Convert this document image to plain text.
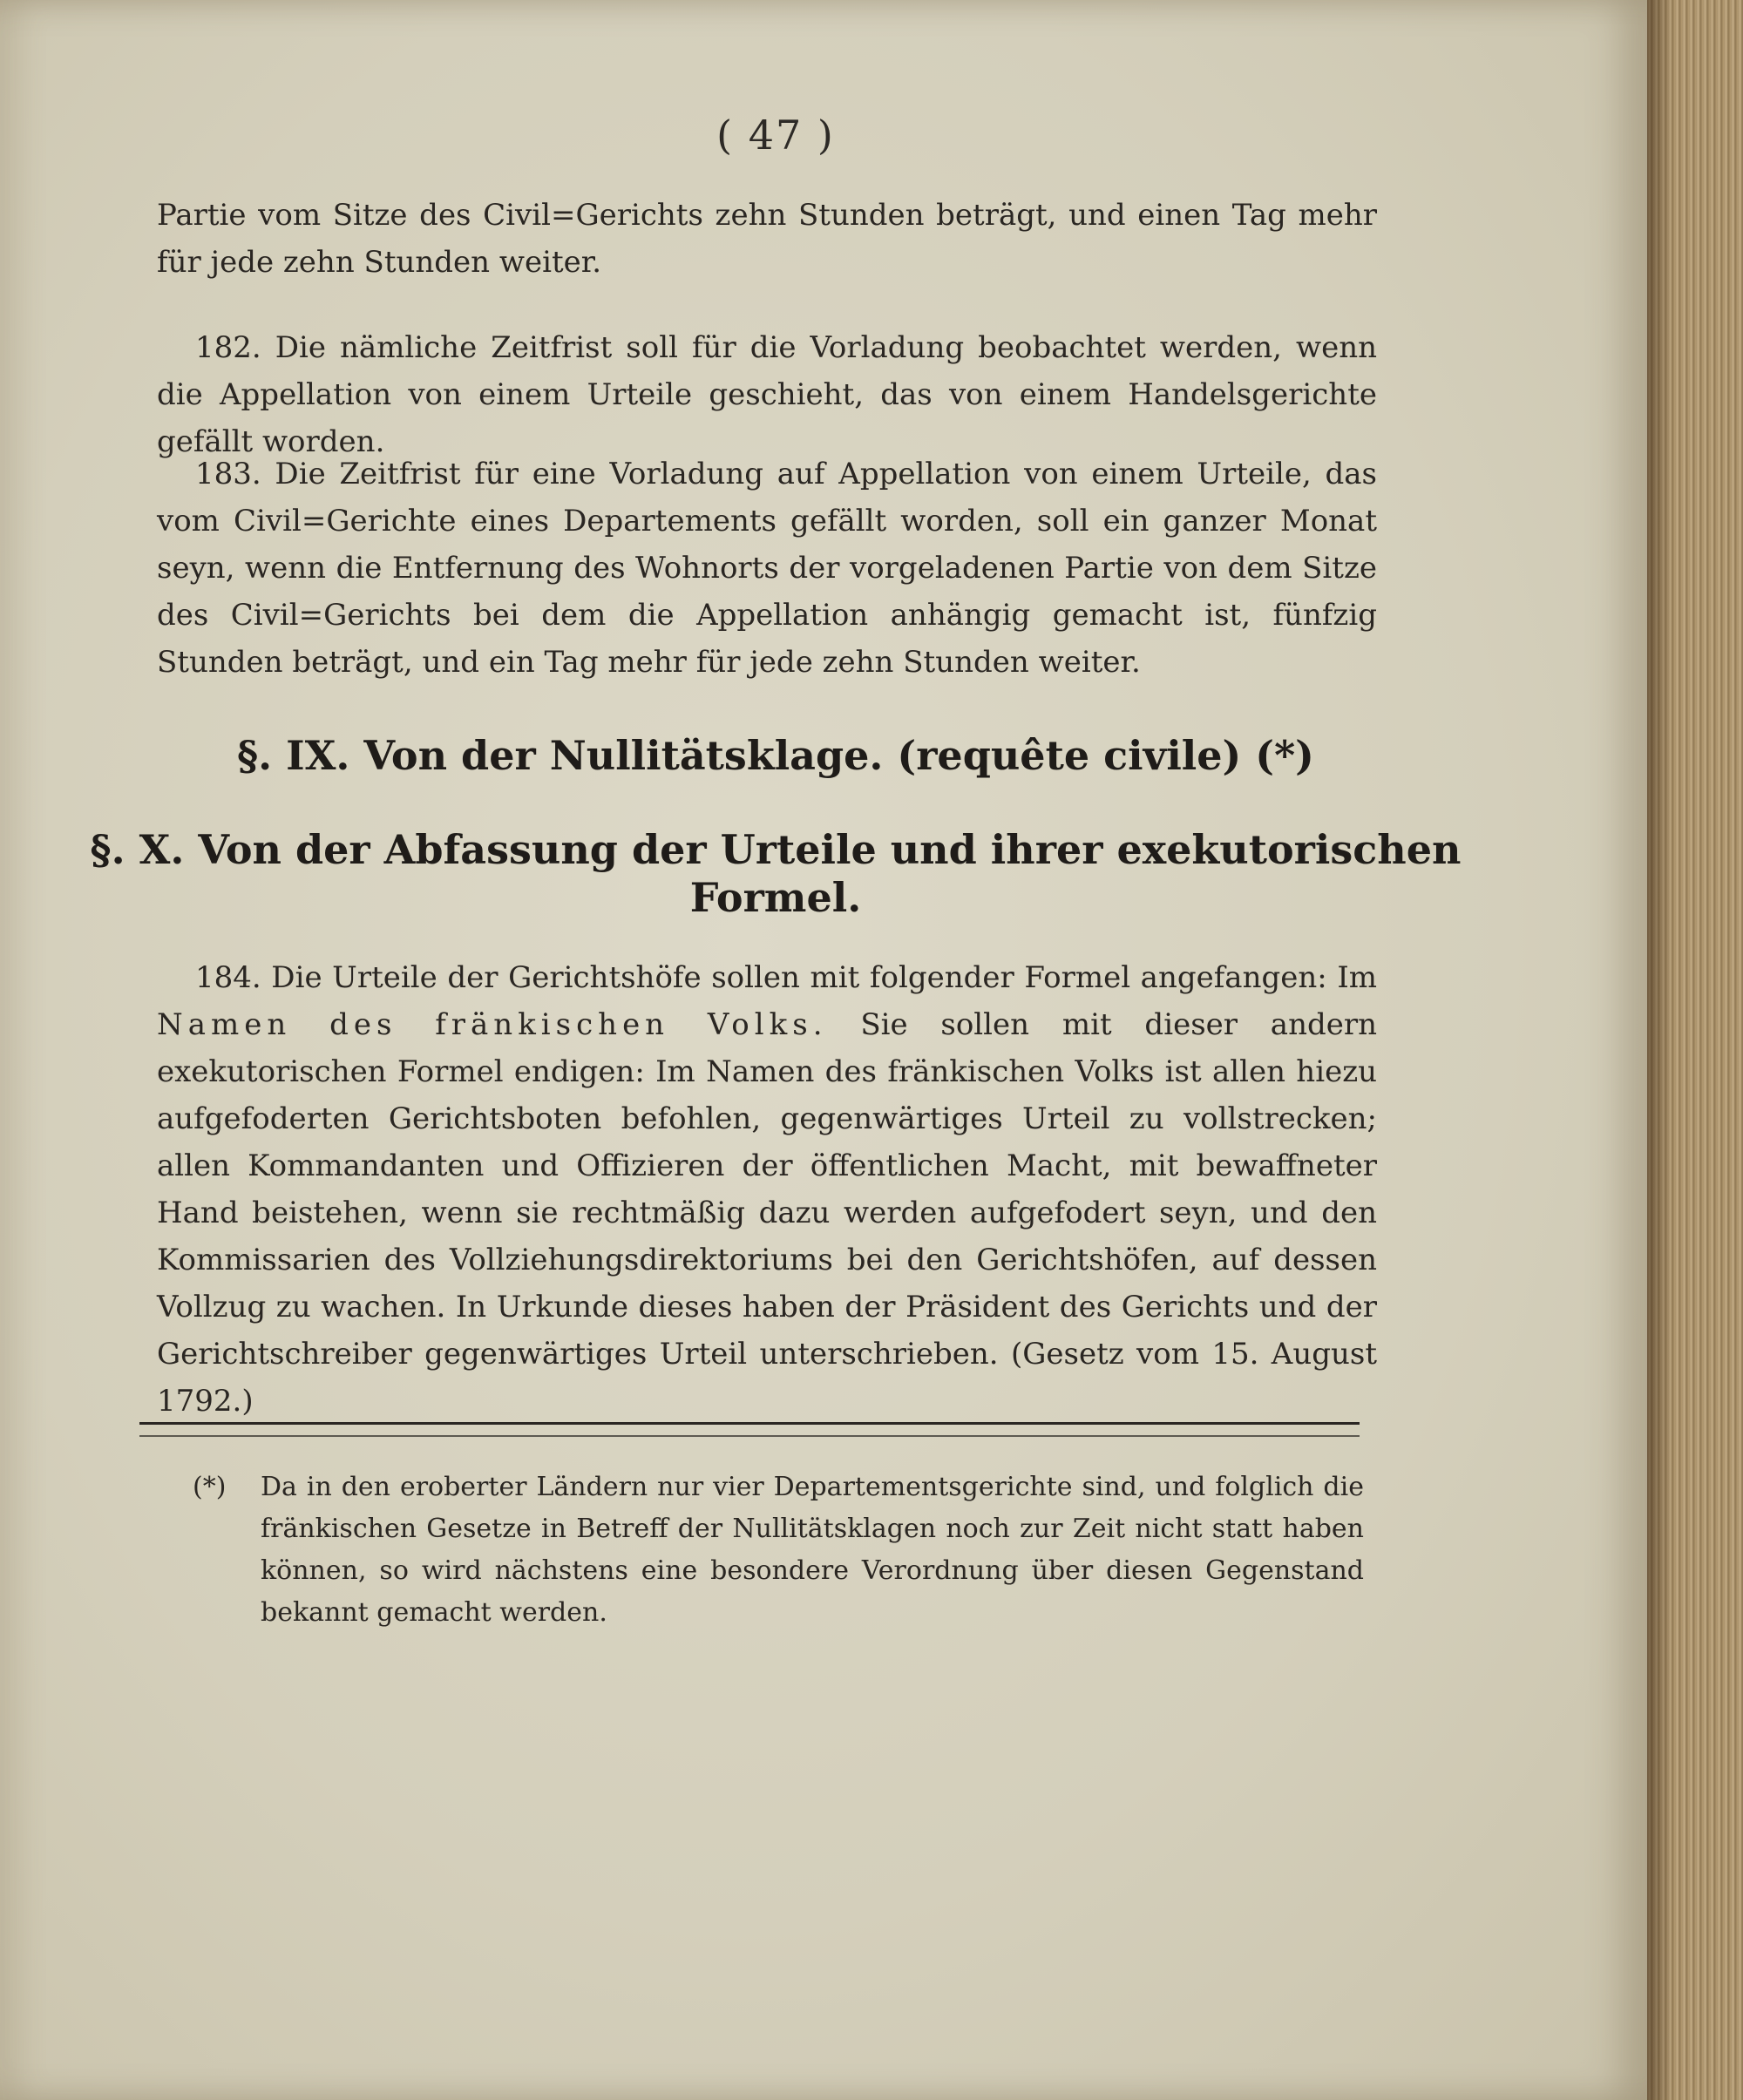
( 47 )
Partie vom Sitze des Civil=Gerichts zehn Stunden beträgt, und einen Tag mehr für jede zehn Stunden weiter.
182. Die nämliche Zeitfrist soll für die Vorladung beobachtet werden, wenn die Appellation von einem Urteile geschieht, das von einem Handelsgerichte gefällt worden.
183. Die Zeitfrist für eine Vorladung auf Appellation von einem Urteile, das vom Civil=Gerichte eines Departements gefällt worden, soll ein ganzer Monat seyn, wenn die Entfernung des Wohnorts der vorgeladenen Partie von dem Sitze des Civil=Gerichts bei dem die Appellation anhängig gemacht ist, fünfzig Stunden beträgt, und ein Tag mehr für jede zehn Stunden weiter.
§. IX. Von der Nullitätsklage. (requête civile) (*)
§. X. Von der Abfassung der Urteile und ihrer exekutorischen
Formel.
184. Die Urteile der Gerichtshöfe sollen mit folgender Formel angefangen: Im Namen des fränkischen Volks. Sie sollen mit dieser andern exekutorischen Formel endigen: Im Namen des fränkischen Volks ist allen hiezu aufgefoderten Gerichtsboten befohlen, gegenwärtiges Urteil zu vollstrecken; allen Kommandanten und Offizieren der öffentlichen Macht, mit bewaffneter Hand beistehen, wenn sie rechtmäßig dazu werden aufgefodert seyn, und den Kommissarien des Vollziehungsdirektoriums bei den Gerichtshöfen, auf dessen Vollzug zu wachen. In Urkunde dieses haben der Präsident des Gerichts und der Gerichtschreiber gegenwärtiges Urteil unterschrieben. (Gesetz vom 15. August 1792.)
(*) Da in den eroberter Ländern nur vier Departementsgerichte sind, und folglich die fränkischen Gesetze in Betreff der Nullitätsklagen noch zur Zeit nicht statt haben können, so wird nächstens eine besondere Verordnung über diesen Gegenstand bekannt gemacht werden.
